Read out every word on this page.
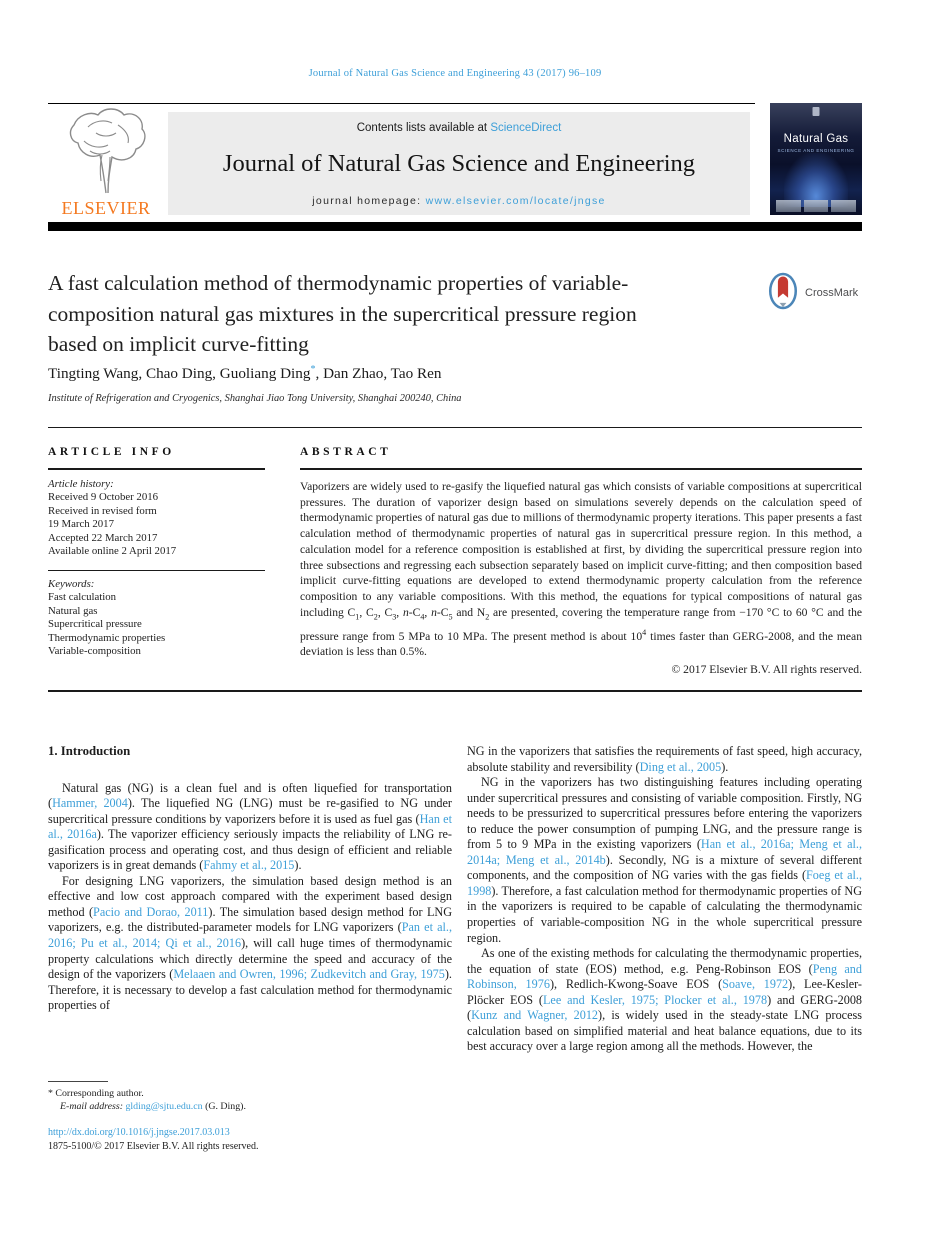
Journal of Natural Gas Science and Engineering 43 (2017) 96–109
ELSEVIER
Contents lists available at ScienceDirect
Journal of Natural Gas Science and Engineering
journal homepage: www.elsevier.com/locate/jngse
Natural Gas
SCIENCE AND ENGINEERING
A fast calculation method of thermodynamic properties of variable-
composition natural gas mixtures in the supercritical pressure region
based on implicit curve-fitting
CrossMark
Tingting Wang, Chao Ding, Guoliang Ding*, Dan Zhao, Tao Ren
Institute of Refrigeration and Cryogenics, Shanghai Jiao Tong University, Shanghai 200240, China
ARTICLE INFO	ABSTRACT
Article history:
Received 9 October 2016
Received in revised form
19 March 2017
Accepted 22 March 2017
Available online 2 April 2017
Keywords:
Fast calculation
Natural gas
Supercritical pressure
Thermodynamic properties
Variable-composition
Vaporizers are widely used to re-gasify the liquefied natural gas which consists of variable compositions at supercritical pressures. The duration of vaporizer design based on simulations severely depends on the calculation speed of thermodynamic properties of natural gas due to millions of thermodynamic property iterations. This paper presents a fast calculation method of thermodynamic properties of natural gas in supercritical pressure region. In this method, a calculation model for a reference composition is established at first, by dividing the supercritical pressure region into three subsections and regressing each subsection separately based on implicit curve-fitting; and then composition based implicit curve-fitting equations are developed to extend thermodynamic property calculation from the reference composition to any variable compositions. With this method, the equations for typical compositions of natural gas including $C_1$, $C_2$, $C_3$, $n-C_4$, $n-C_5$ and $N_2$ are presented, covering the temperature range from −170 °C to 60 °C and the pressure range from 5 MPa to 10 MPa. The present method is about $10^4$ times faster than GERG-2008, and the mean deviation is less than 0.5%.
© 2017 Elsevier B.V. All rights reserved.
1. Introduction

Natural gas (NG) is a clean fuel and is often liquefied for transportation (Hammer, 2004). The liquefied NG (LNG) must be re-gasified to NG under supercritical pressure conditions by vaporizers before it is used as fuel gas (Han et al., 2016a). The vaporizer efficiency seriously impacts the reliability of LNG re-gasification process and operating cost, and thus design of efficient and reliable vaporizers is in great demands (Fahmy et al., 2015).

For designing LNG vaporizers, the simulation based design method is an effective and low cost approach compared with the experiment based design method (Pacio and Dorao, 2011). The simulation based design method for LNG vaporizers, e.g. the distributed-parameter models for LNG vaporizers (Pan et al., 2016; Pu et al., 2014; Qi et al., 2016), will call huge times of thermodynamic property calculations which directly determine the speed and accuracy of the design of the vaporizers (Melaaen and Owren, 1996; Zudkevitch and Gray, 1975). Therefore, it is necessary to develop a fast calculation method for thermodynamic properties of

NG in the vaporizers that satisfies the requirements of fast speed, high accuracy, absolute stability and reversibility (Ding et al., 2005).

NG in the vaporizers has two distinguishing features including operating under supercritical pressures and consisting of variable composition. Firstly, NG needs to be pressurized to supercritical pressures before entering the vaporizers to reduce the power consumption of pumping LNG, and the pressure range is from 5 to 9 MPa in the existing vaporizers (Han et al., 2016a; Meng et al., 2014a; Meng et al., 2014b). Secondly, NG is a mixture of several different components, and the composition of NG varies with the gas fields (Foeg et al., 1998). Therefore, a fast calculation method for thermodynamic properties of NG in the vaporizers is required to be capable of calculating the thermodynamic properties of variable-composition NG in the whole supercritical pressure region.

As one of the existing methods for calculating the thermodynamic properties, the equation of state (EOS) method, e.g. Peng-Robinson EOS (Peng and Robinson, 1976), Redlich-Kwong-Soave EOS (Soave, 1972), Lee-Kesler-Plöcker EOS (Lee and Kesler, 1975; Plocker et al., 1978) and GERG-2008 (Kunz and Wagner, 2012), is widely used in the steady-state LNG process calculation based on simplified material and heat balance equations, due to its best accuracy over a large region among all the methods. However, the

* Corresponding author.
E-mail address: glding@sjtu.edu.cn (G. Ding).
http://dx.doi.org/10.1016/j.jngse.2017.03.013
1875-5100/© 2017 Elsevier B.V. All rights reserved.
